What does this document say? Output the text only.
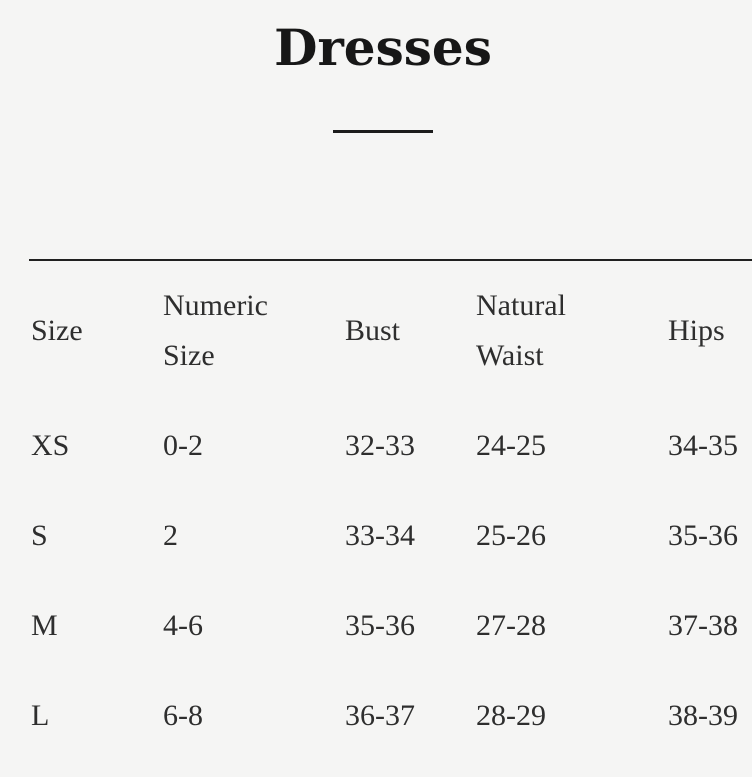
Dresses
Size	Numeric Size	Bust	Natural Waist	Hips
XS	0-2	32-33	24-25	34-35
S	2	33-34	25-26	35-36
M	4-6	35-36	27-28	37-38
L	6-8	36-37	28-29	38-39
